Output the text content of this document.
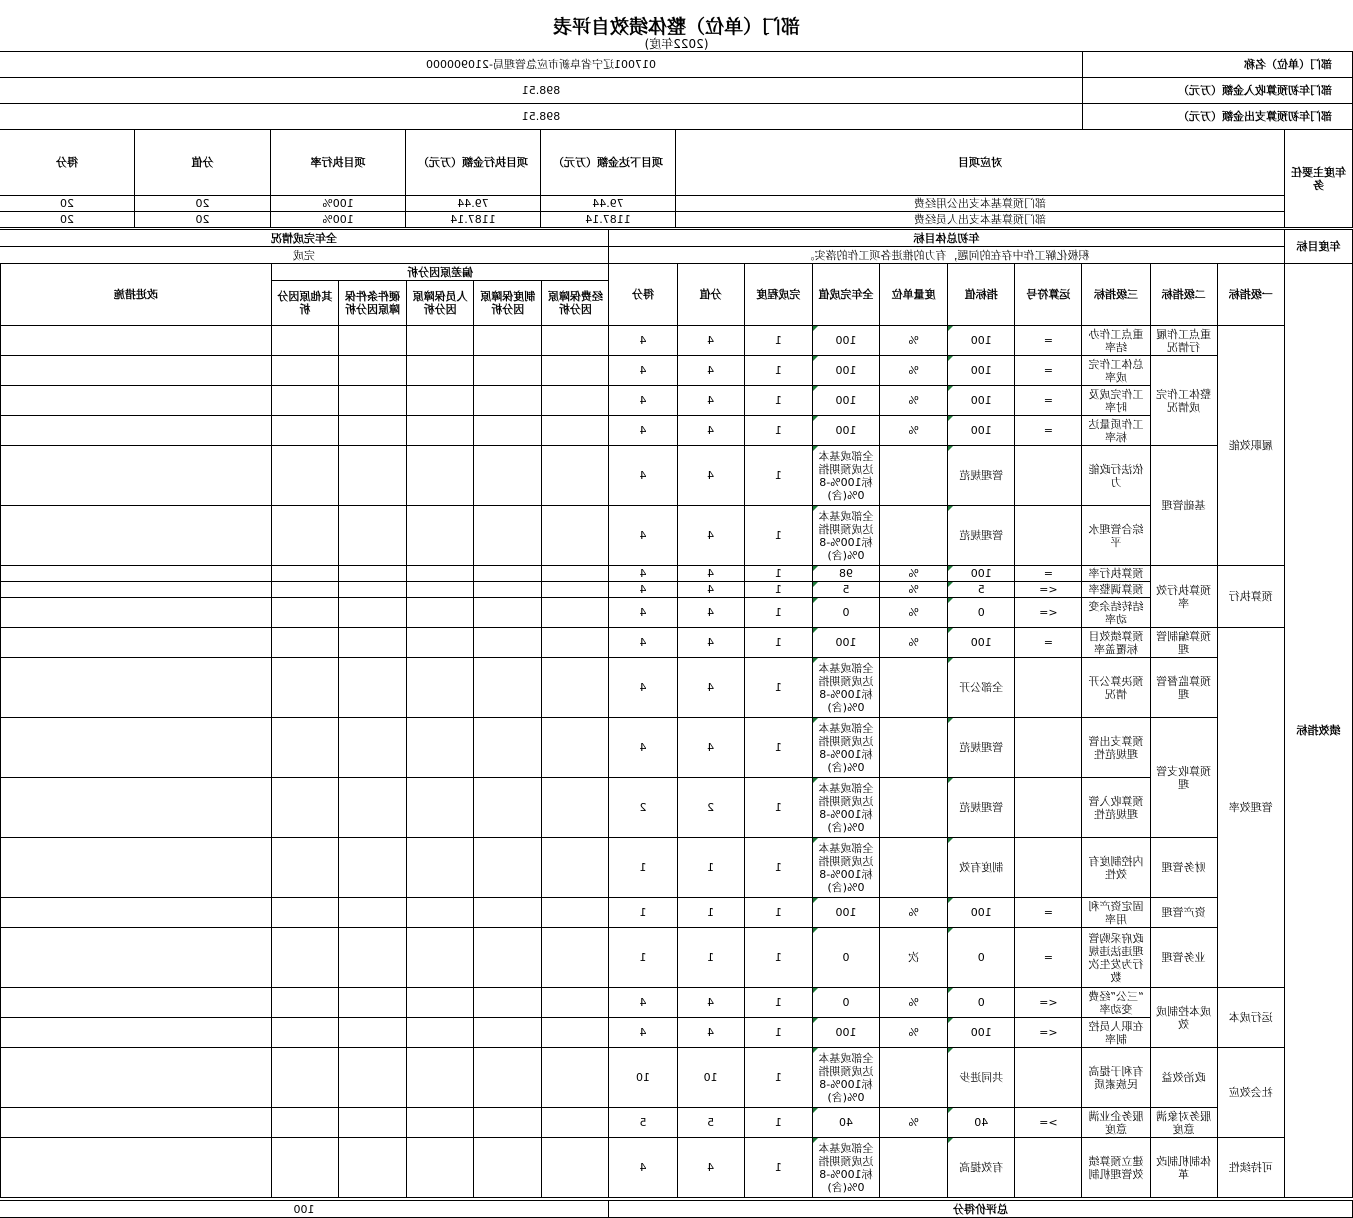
部门（单位）整体绩效自评表
(2022年度)
部门（单位）名称	017001辽宁省阜新市应急管理局-210900000
部门年初预算收入金额（万元）	898.51
部门年初预算支出金额（万元）	898.51
年度主要任务	对应项目	项目下达金额（万元）	项目执行金额（万元）	项目执行率	分值	得分
	部门预算基本支出公用经费	79.44	79.44	100%	20	20
	部门预算基本支出人员经费	1187.14	1187.14	100%	20	20
年度目标	年初总体目标	全年完成情况
	积极化解工作中存在的问题，有力的推进各项工作的落实。	完成
绩效指标	一级指标	二级指标	三级指标	运算符号	指标值	度量单位	全年完成值	完成程度	分值	得分	偏差原因分析					改进措施
											经费保障原因分析	制度保障原因分析	人员保障原因分析	硬件条件保障原因分析	其他原因分析	
	履职效能	重点工作履行情况	重点工作办结率	=	100	%	100	1	4	4						
		整体工作完成情况	总体工作完成率	=	100	%	100	1	4	4						
			工作完成及时率	=	100	%	100	1	4	4						
			工作质量达标率	=	100	%	100	1	4	4						
		基础管理	依法行政能力		管理规范		全部或基本达成预期指标100%-80%(含)	1	4	4						
			综合管理水平		管理规范		全部或基本达成预期指标100%-80%(含)	1	4	4						
	预算执行	预算执行效率	预算执行率	=	100	%	98	1	4	4						
			预算调整率	<=	5	%	5	1	4	4						
			结转结余变动率	<=	0	%	0	1	4	4						
	管理效率	预算编制管理	预算绩效目标覆盖率	=	100	%	100	1	4	4						
		预算监督管理	预决算公开情况		全部公开		全部或基本达成预期指标100%-80%(含)	1	4	4						
		预算收支管理	预算支出管理规范性		管理规范		全部或基本达成预期指标100%-80%(含)	1	4	4						
			预算收入管理规范性		管理规范		全部或基本达成预期指标100%-80%(含)	1	2	2						
		财务管理	内控制度有效性		制度有效		全部或基本达成预期指标100%-80%(含)	1	1	1						
		资产管理	固定资产利用率	=	100	%	100	1	1	1						
		业务管理	政府采购管理违法违规行为发生次数	=	0	次	0	1	1	1						
	运行成本	成本控制成效	“三公”经费变动率	<=	0	%	0	1	4	4						
			在职人员控制率	<=	100	%	100	1	4	4						
	社会效应	政治效益	有利于提高民族素质		共同进步		全部或基本达成预期指标100%-80%(含)	1	10	10						
		服务对象满意度	服务企业满意度	>=	40	%	40	1	5	5						
	可持续性	体制机制改革	建立预算绩效管理机制		有效提高		全部或基本达成预期指标100%-80%(含)	1	4	4						
总评价得分	100
